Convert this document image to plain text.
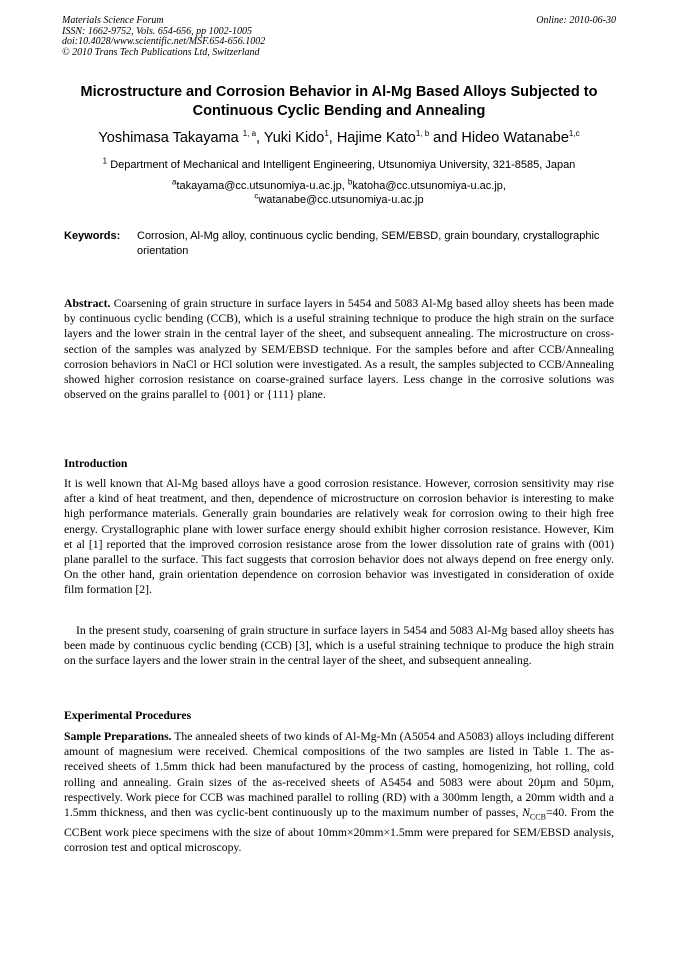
Materials Science Forum
ISSN: 1662-9752, Vols. 654-656, pp 1002-1005
doi:10.4028/www.scientific.net/MSF.654-656.1002
© 2010 Trans Tech Publications Ltd, Switzerland
Online: 2010-06-30
Microstructure and Corrosion Behavior in Al-Mg Based Alloys Subjected to Continuous Cyclic Bending and Annealing
Yoshimasa Takayama $^{1, a}$, Yuki Kido$^1$, Hajime Kato$^{1, b}$ and Hideo Watanabe$^{1,c}$
$^1$ Department of Mechanical and Intelligent Engineering, Utsunomiya University, 321-8585, Japan
$^a$takayama@cc.utsunomiya-u.ac.jp, $^b$katoha@cc.utsunomiya-u.ac.jp,
$^c$watanabe@cc.utsunomiya-u.ac.jp
Keywords: Corrosion, Al-Mg alloy, continuous cyclic bending, SEM/EBSD, grain boundary, crystallographic orientation

Abstract. Coarsening of grain structure in surface layers in 5454 and 5083 Al-Mg based alloy sheets has been made by continuous cyclic bending (CCB), which is a useful straining technique to produce the high strain on the surface layers and the lower strain in the central layer of the sheet, and subsequent annealing. The microstructure on cross-section of the samples was analyzed by SEM/EBSD technique. For the samples before and after CCB/Annealing corrosion behaviors in NaCl or HCl solution were investigated. As a result, the samples subjected to CCB/Annealing showed higher corrosion resistance on coarse-grained surface layers. Less change in the corrosive solutions was observed on the grains parallel to {001} or {111} plane.

Introduction
It is well known that Al-Mg based alloys have a good corrosion resistance. However, corrosion sensitivity may rise after a kind of heat treatment, and then, dependence of microstructure on corrosion behavior is interesting to make high performance materials. Generally grain boundaries are relatively weak for corrosion owing to their high free energy. Crystallographic plane with lower surface energy should exhibit higher corrosion resistance. However, Kim et al [1] reported that the improved corrosion resistance arose from the lower dissolution rate of grains with (001) plane parallel to the surface. This fact suggests that corrosion behavior does not always depend on free energy only. On the other hand, grain orientation dependence on corrosion behavior was investigated in consideration of oxide film formation [2].
In the present study, coarsening of grain structure in surface layers in 5454 and 5083 Al-Mg based alloy sheets has been made by continuous cyclic bending (CCB) [3], which is a useful straining technique to produce the high strain on the surface layers and the lower strain in the central layer of the sheet, and subsequent annealing.
Experimental Procedures

Sample Preparations. The annealed sheets of two kinds of Al-Mg-Mn (A5054 and A5083) alloys including different amount of magnesium were received. Chemical compositions of the two samples are listed in Table 1. The as-received sheets of 1.5mm thick had been manufactured by the process of casting, homogenizing, hot rolling, cold rolling and annealing. Grain sizes of the as-received sheets of A5454 and 5083 were about 20µm and 50µm, respectively. Work piece for CCB was machined parallel to rolling (RD) with a 300mm length, a 20mm width and a 1.5mm thickness, and then was cyclic-bent continuously up to the maximum number of passes, $N_{CCB}=40$. From the CCBent work piece specimens with the size of about 10mm×20mm×1.5mm were prepared for SEM/EBSD analysis, corrosion test and optical microscopy.
